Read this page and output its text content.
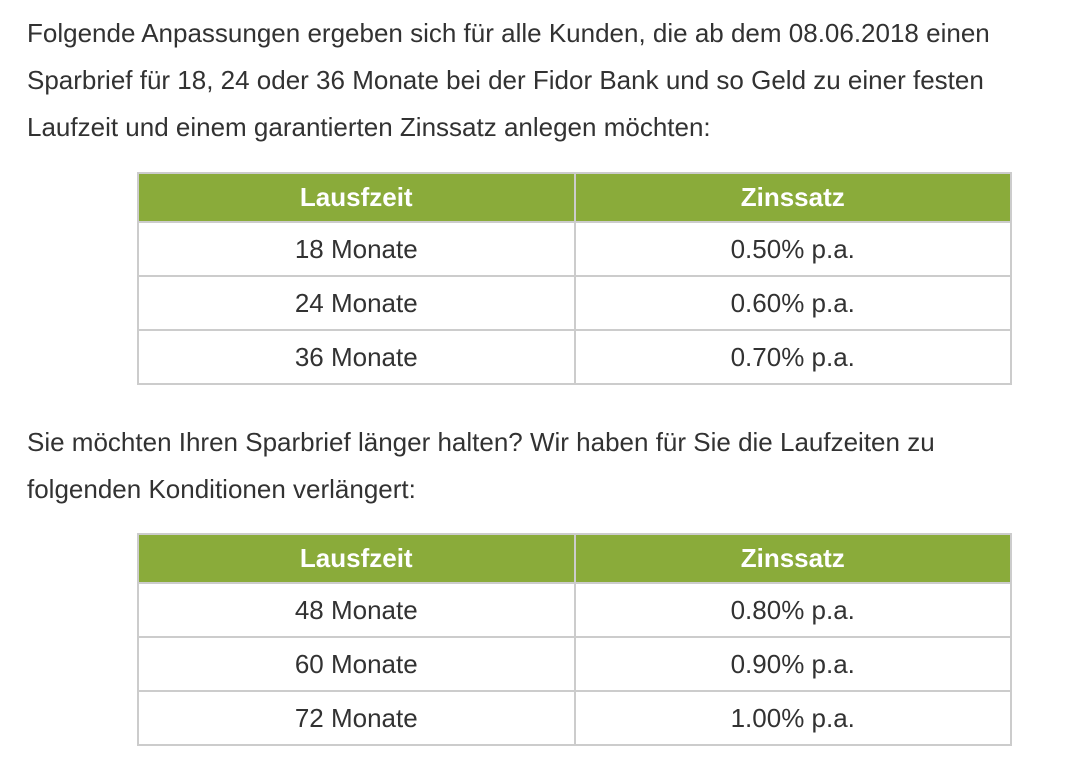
Folgende Anpassungen ergeben sich für alle Kunden, die ab dem 08.06.2018 einen
Sparbrief für 18, 24 oder 36 Monate bei der Fidor Bank und so Geld zu einer festen
Laufzeit und einem garantierten Zinssatz anlegen möchten:

Lausfzeit	Zinssatz
18 Monate	0.50% p.a.
24 Monate	0.60% p.a.
36 Monate	0.70% p.a.

Sie möchten Ihren Sparbrief länger halten? Wir haben für Sie die Laufzeiten zu
folgenden Konditionen verlängert:

Lausfzeit	Zinssatz
48 Monate	0.80% p.a.
60 Monate	0.90% p.a.
72 Monate	1.00% p.a.
